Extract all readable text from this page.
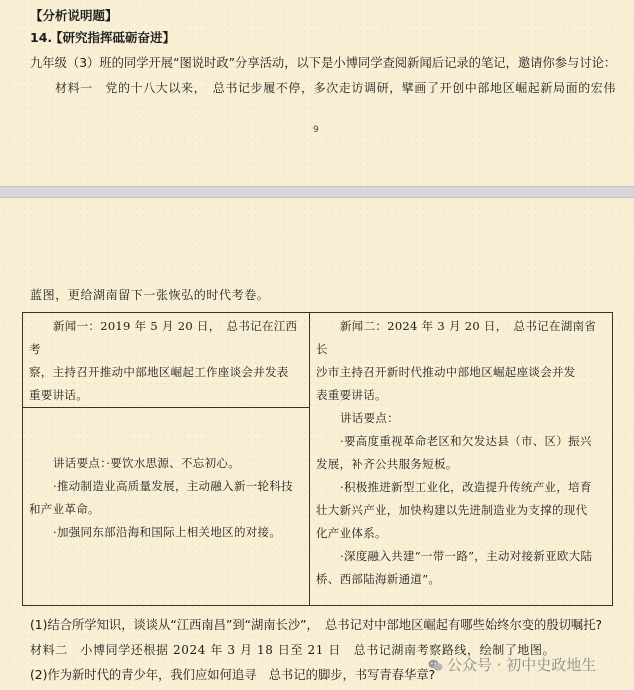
【分析说明题】
14.
【研究指挥砥砺奋进】
九年级（3）班的同学开展“图说时政”分享活动，以下是小博同学查阅新闻后记录的笔记，邀请你参与讨论：
材料一　党的十八大以来，　总书记步履不停，多次走访调研，擘画了开创中部地区崛起新局面的宏伟
9
蓝图，更给湖南留下一张恢弘的时代考卷。

新闻一：2019 年 5 月 20 日，　总书记在江西考

察，主持召开推动中部地区崛起工作座谈会并发表

重要讲话。

新闻二：2024 年 3 月 20 日，　总书记在湖南省长

沙市主持召开新时代推动中部地区崛起座谈会并发

表重要讲话。

讲话要点：

·要高度重视革命老区和欠发达县（市、区）振兴

发展，补齐公共服务短板。

·积极推进新型工业化，改造提升传统产业，培育

壮大新兴产业，加快构建以先进制造业为支撑的现代

化产业体系。

·深度融入共建“一带一路”，主动对接新亚欧大陆

桥、西部陆海新通道”。

讲话要点：·要饮水思源、不忘初心。

·推动制造业高质量发展，主动融入新一轮科技

和产业革命。

·加强同东部沿海和国际上相关地区的对接。

(1)结合所学知识，谈谈从“江西南昌”到“湖南长沙”，　总书记对中部地区崛起有哪些始终尔变的殷切嘱托?
材料二　小博同学还根据 2024 年 3 月 18 日至 21 日　总书记湖南考察路线，绘制了地图。
(2)作为新时代的青少年，我们应如何追寻　总书记的脚步，书写青春华章?
公众号 · 初中史政地生
